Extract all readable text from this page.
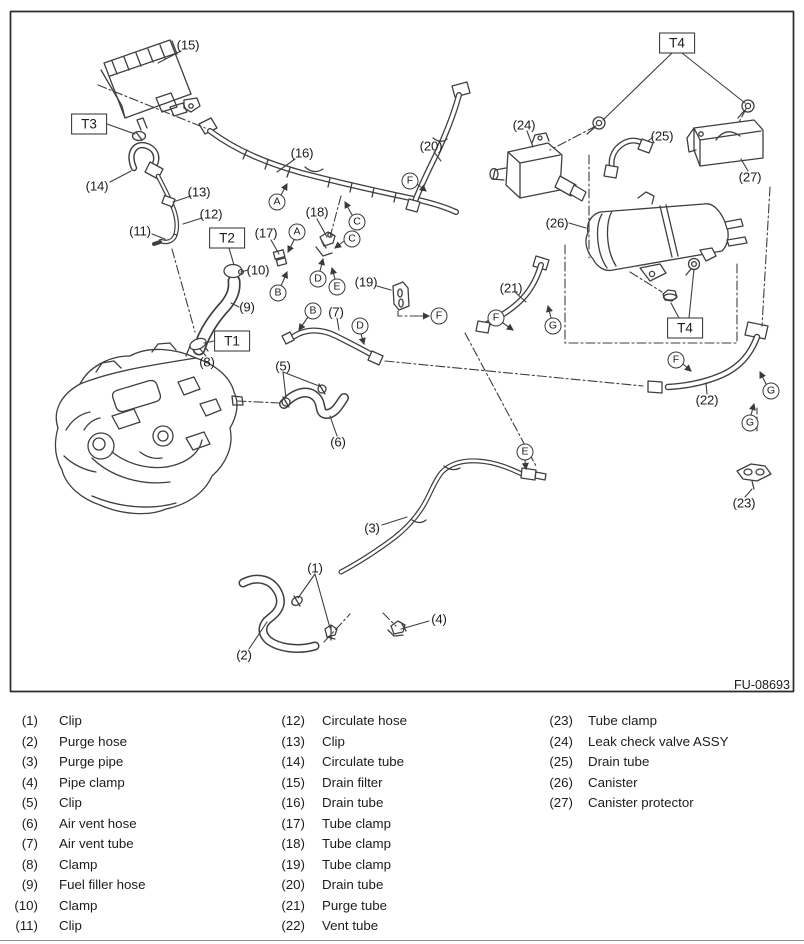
(1)
(2)
(3)
(4)
(5)
(6)
(7)
(8)
(9)
(10)
(11)
(12)
(13)
(14)
(15)
(16)
(17)
(18)
(19)
(20)
(21)
(22)
(23)
(24)
(25)
(26)
(27)
A
A
B
B
C
C
D
D
E
E
F
F	F
F
G
G
G
T3
T2
T1
T4
T4
FU-08693
(1) Clip
(2) Purge hose
(3) Purge pipe
(4) Pipe clamp
(5) Clip
(6) Air vent hose
(7) Air vent tube
(8) Clamp
(9) Fuel filler hose
(10) Clamp
(11) Clip
(12) Circulate hose
(13) Clip
(14) Circulate tube
(15) Drain filter
(16) Drain tube
(17) Tube clamp
(18) Tube clamp
(19) Tube clamp
(20) Drain tube
(21) Purge tube
(22) Vent tube
(23) Tube clamp
(24) Leak check valve ASSY
(25) Drain tube
(26) Canister
(27) Canister protector
